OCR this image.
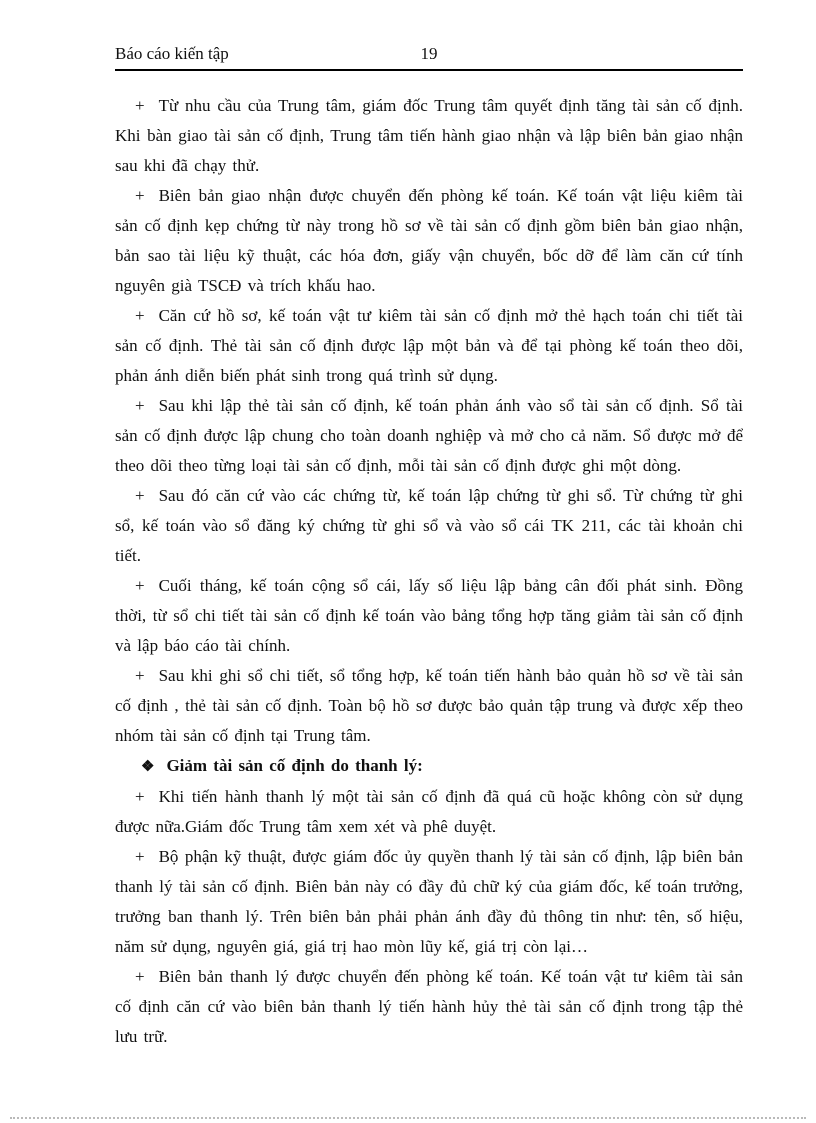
Báo cáo kiến tập	19

+ Từ nhu cầu của Trung tâm, giám đốc Trung tâm quyết định tăng tài sản cố định. Khi bàn giao tài sản cố định, Trung tâm tiến hành giao nhận và lập biên bản giao nhận sau khi đã chạy thử.

+ Biên bản giao nhận được chuyển đến phòng kế toán. Kế toán vật liệu kiêm tài sản cố định kẹp chứng từ này trong hồ sơ về tài sản cố định gồm biên bản giao nhận, bản sao tài liệu kỹ thuật, các hóa đơn, giấy vận chuyển, bốc dỡ để làm căn cứ tính nguyên già TSCĐ và trích khấu hao.

+ Căn cứ hồ sơ, kế toán vật tư kiêm tài sản cố định mở thẻ hạch toán chi tiết tài sản cố định. Thẻ tài sản cố định được lập một bản và để tại phòng kế toán theo dõi, phản ánh diễn biến phát sinh trong quá trình sử dụng.

+ Sau khi lập thẻ tài sản cố định, kế toán phản ánh vào sổ tài sản cố định. Sổ tài sản cố định được lập chung cho toàn doanh nghiệp và mở cho cả năm. Sổ được mở để theo dõi theo từng loại tài sản cố định, mỗi tài sản cố định được ghi một dòng.

+ Sau đó căn cứ vào các chứng từ, kế toán lập chứng từ ghi sổ. Từ chứng từ ghi sổ, kế toán vào sổ đăng ký chứng từ ghi sổ và vào sổ cái TK 211, các tài khoản chi tiết.

+ Cuối tháng, kế toán cộng sổ cái, lấy số liệu lập bảng cân đối phát sinh. Đồng thời, từ sổ chi tiết tài sản cố định kế toán vào bảng tổng hợp tăng giảm tài sản cố định và lập báo cáo tài chính.

+ Sau khi ghi sổ chi tiết, sổ tổng hợp, kế toán tiến hành bảo quản hồ sơ về tài sản cố định , thẻ tài sản cố định. Toàn bộ hồ sơ được bảo quản tập trung và được xếp theo nhóm tài sản cố định tại Trung tâm.

❖ Giảm tài sản cố định do thanh lý:

+ Khi tiến hành thanh lý một tài sản cố định đã quá cũ hoặc không còn sử dụng được nữa.Giám đốc Trung tâm xem xét và phê duyệt.

+ Bộ phận kỹ thuật, được giám đốc ủy quyền thanh lý tài sản cố định, lập biên bản thanh lý tài sản cố định. Biên bản này có đầy đủ chữ ký của giám đốc, kế toán trưởng, trưởng ban thanh lý. Trên biên bản phải phản ánh đầy đủ thông tin như: tên, số hiệu, năm sử dụng, nguyên giá, giá trị hao mòn lũy kế, giá trị còn lại…

+ Biên bản thanh lý được chuyển đến phòng kế toán. Kế toán vật tư kiêm tài sản cố định căn cứ vào biên bản thanh lý tiến hành hủy thẻ tài sản cố định trong tập thẻ lưu trữ.
